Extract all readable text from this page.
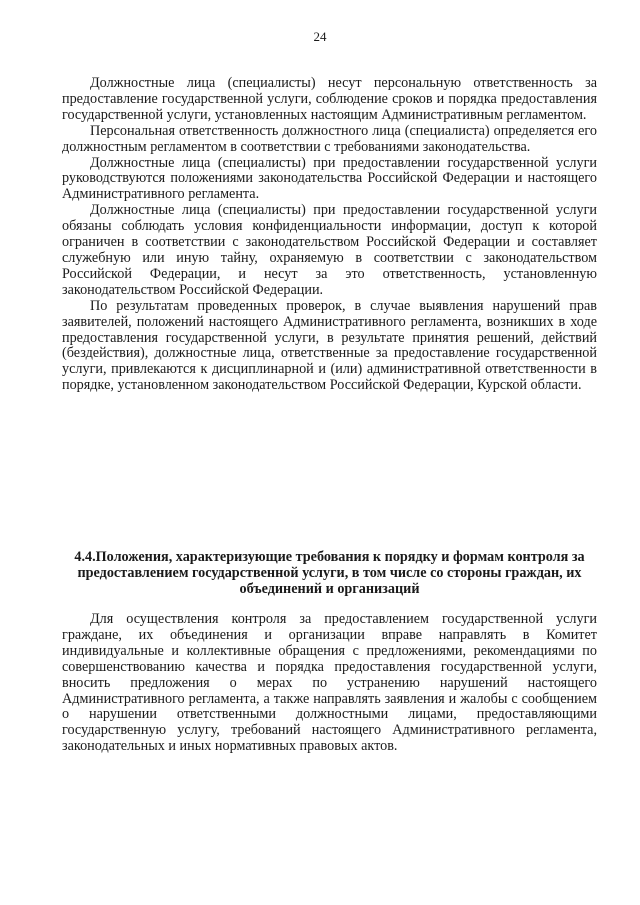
24

Должностные лица (специалисты) несут персональную ответственность за предоставление государственной услуги, соблюдение сроков и порядка предоставления государственной услуги, установленных настоящим Административным регламентом.

Персональная ответственность должностного лица (специалиста) определяется его должностным регламентом в соответствии с требованиями законодательства.

Должностные лица (специалисты) при предоставлении государственной услуги руководствуются положениями законодательства Российской Федерации и настоящего Административного регламента.

Должностные лица (специалисты) при предоставлении государственной услуги обязаны соблюдать условия конфиденциальности информации, доступ к которой ограничен в соответствии с законодательством Российской Федерации и составляет служебную или иную тайну, охраняемую в соответствии с законодательством Российской Федерации, и несут за это ответственность, установленную законодательством Российской Федерации.

По результатам проведенных проверок, в случае выявления нарушений прав заявителей, положений настоящего Административного регламента, возникших в ходе предоставления государственной услуги, в результате принятия решений, действий (бездействия), должностные лица, ответственные за предоставление государственной услуги, привлекаются к дисциплинарной и (или) административной ответственности в порядке, установленном законодательством Российской Федерации, Курской области.

4.4.Положения, характеризующие требования к порядку и формам контроля за предоставлением государственной услуги, в том числе со стороны граждан, их объединений и организаций

Для осуществления контроля за предоставлением государственной услуги граждане, их объединения и организации вправе направлять в Комитет индивидуальные и коллективные обращения с предложениями, рекомендациями по совершенствованию качества и порядка предоставления государственной услуги, вносить предложения о мерах по устранению нарушений настоящего Административного регламента, а также направлять заявления и жалобы с сообщением о нарушении ответственными должностными лицами, предоставляющими государственную услугу, требований настоящего Административного регламента, законодательных и иных нормативных правовых актов.
